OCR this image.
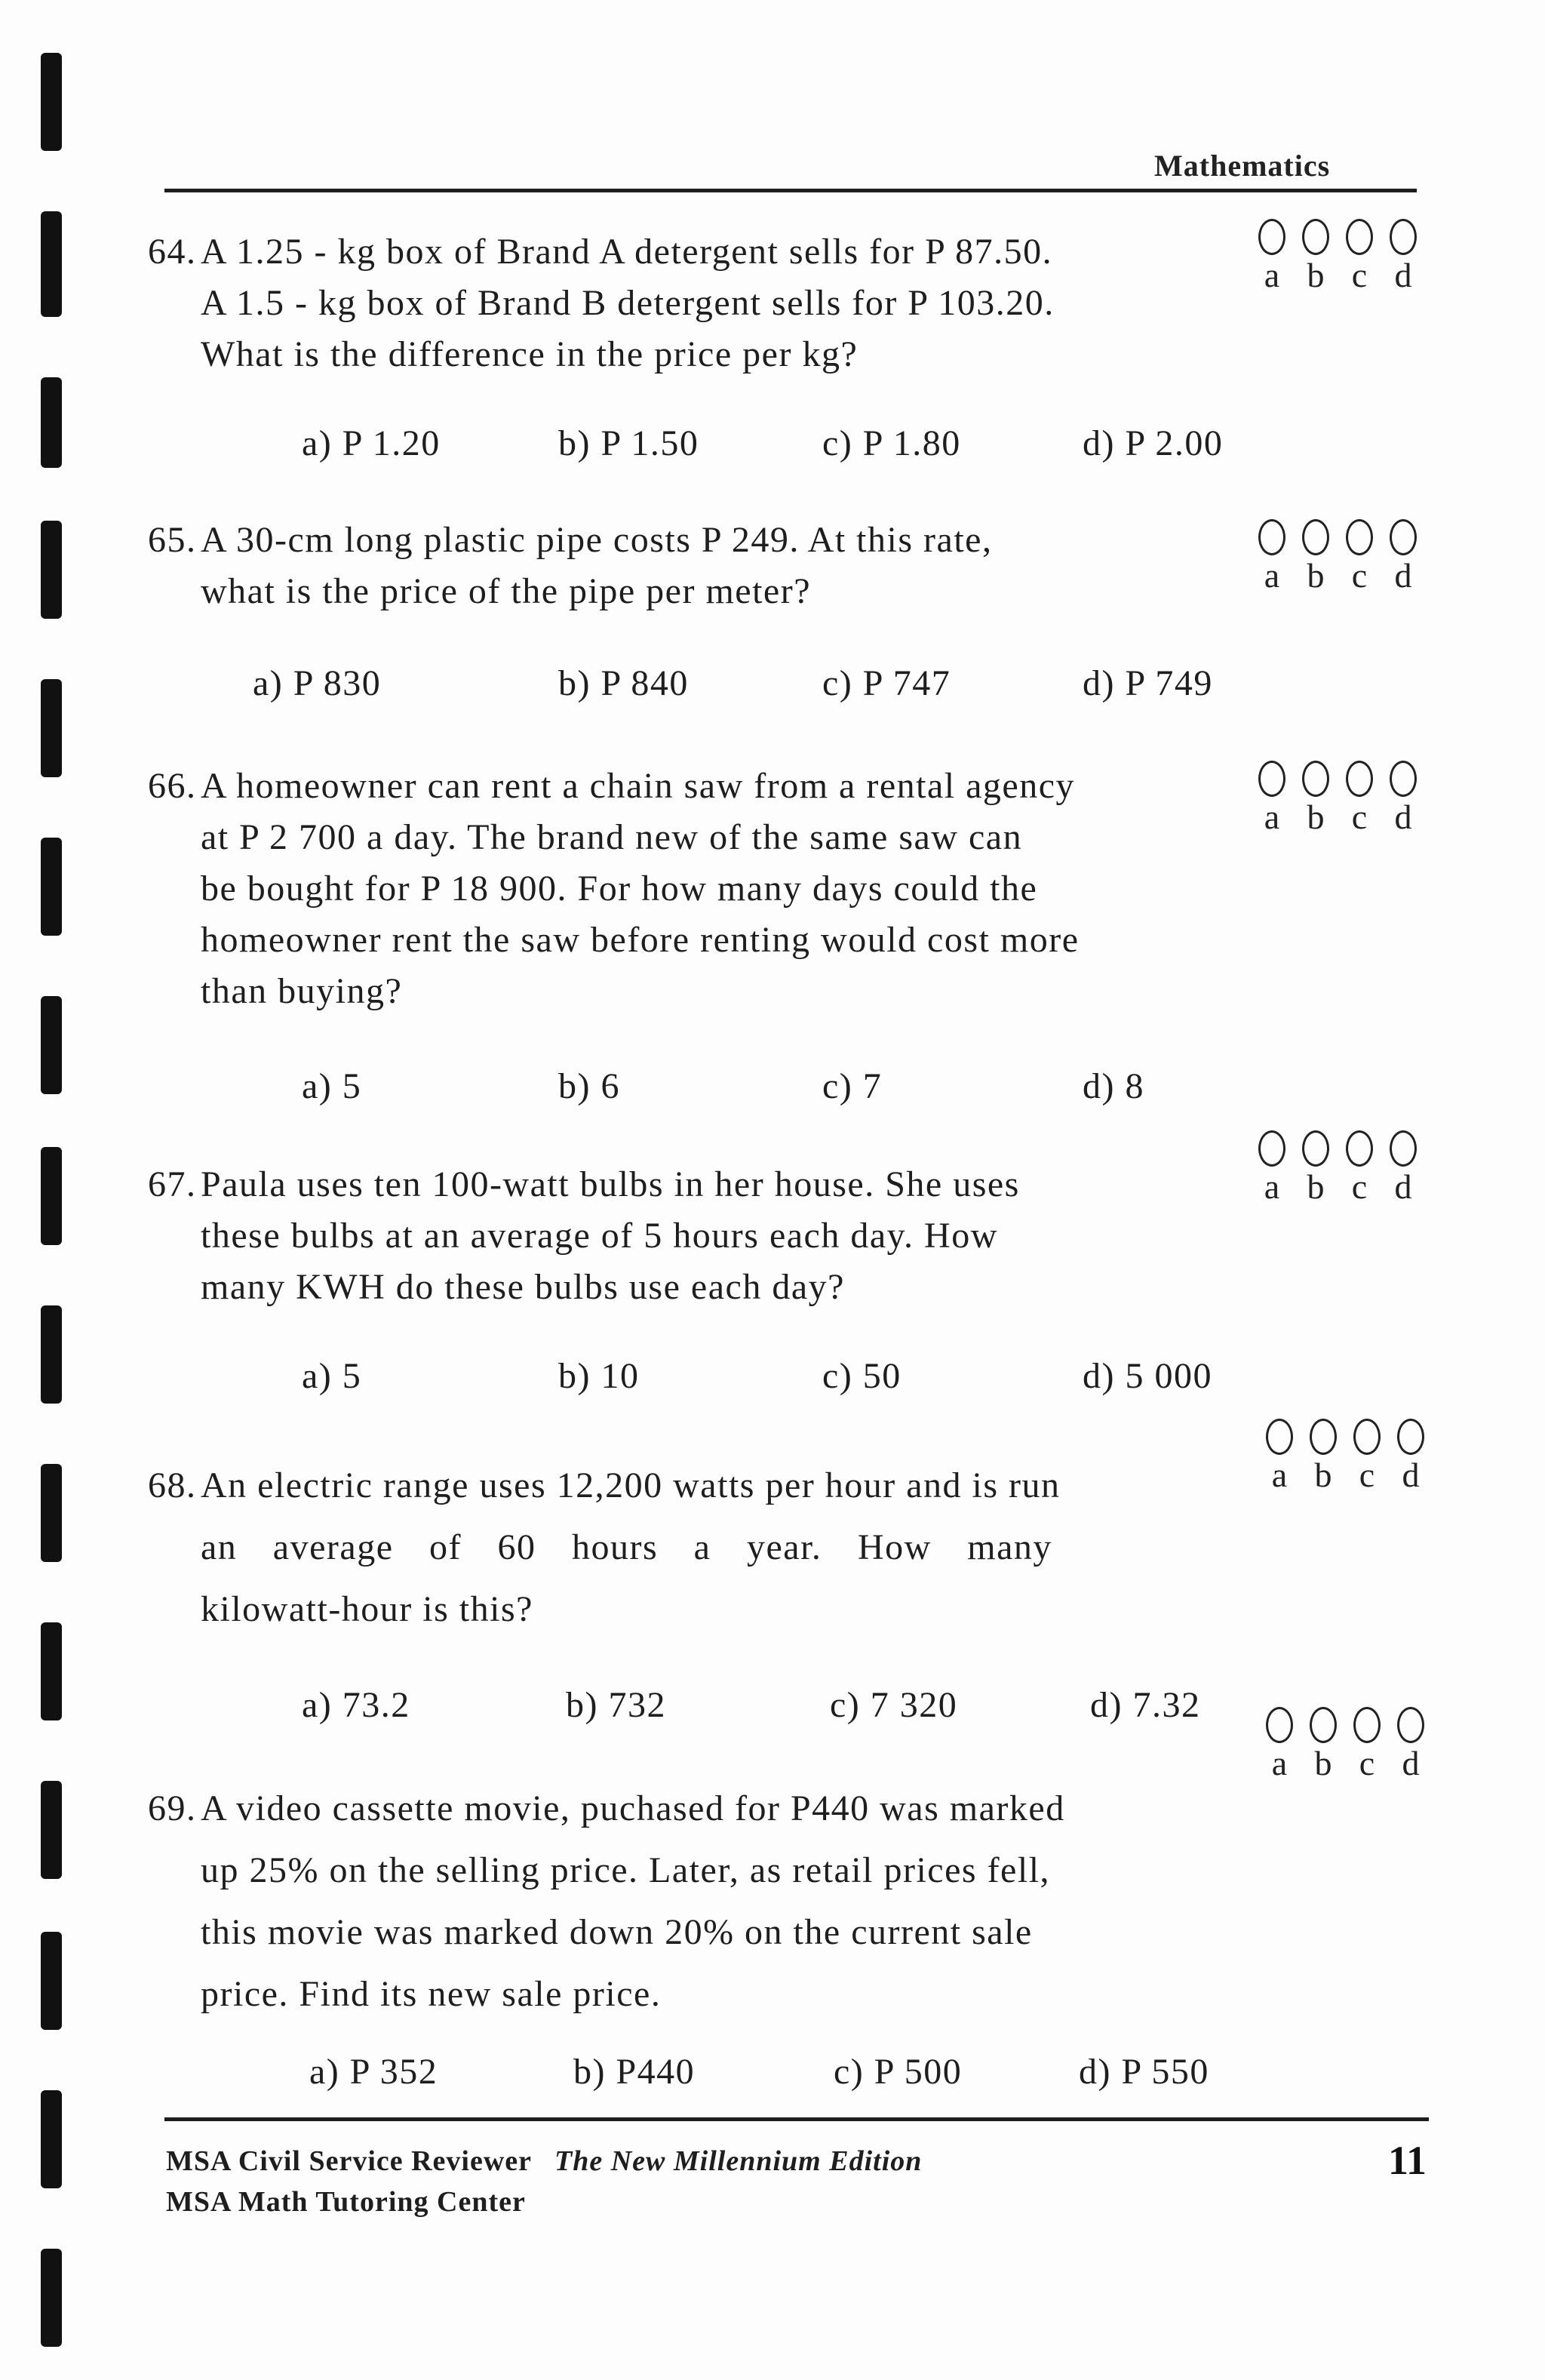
Mathematics
64. A 1.25 - kg box of Brand A detergent sells for P 87.50.
A 1.5 - kg box of Brand B detergent sells for P 103.20.
What is the difference in the price per kg?
a) P 1.20	b) P 1.50	c) P 1.80	d) P 2.00
a b c d
65. A 30-cm long plastic pipe costs P 249. At this rate,
what is the price of the pipe per meter?
a) P 830	b) P 840	c) P 747	d) P 749
a b c d
66. A homeowner can rent a chain saw from a rental agency
at P 2 700 a day. The brand new of the same saw can
be bought for P 18 900. For how many days could the
homeowner rent the saw before renting would cost more
than buying?
a) 5	b) 6	c) 7	d) 8
a b c d
67. Paula uses ten 100-watt bulbs in her house. She uses
these bulbs at an average of 5 hours each day. How
many KWH do these bulbs use each day?
a) 5	b) 10	c) 50	d) 5 000
a b c d
68. An electric range uses 12,200 watts per hour and is run
an average of 60 hours a year. How many
kilowatt-hour is this?
a) 73.2	b) 732	c) 7 320	d) 7.32
a b c d
69. A video cassette movie, puchased for P440 was marked
up 25% on the selling price. Later, as retail prices fell,
this movie was marked down 20% on the current sale
price. Find its new sale price.
a) P 352	b) P440	c) P 500	d) P 550
a b c d
MSA Civil Service Reviewer The New Millennium Edition
MSA Math Tutoring Center
11
